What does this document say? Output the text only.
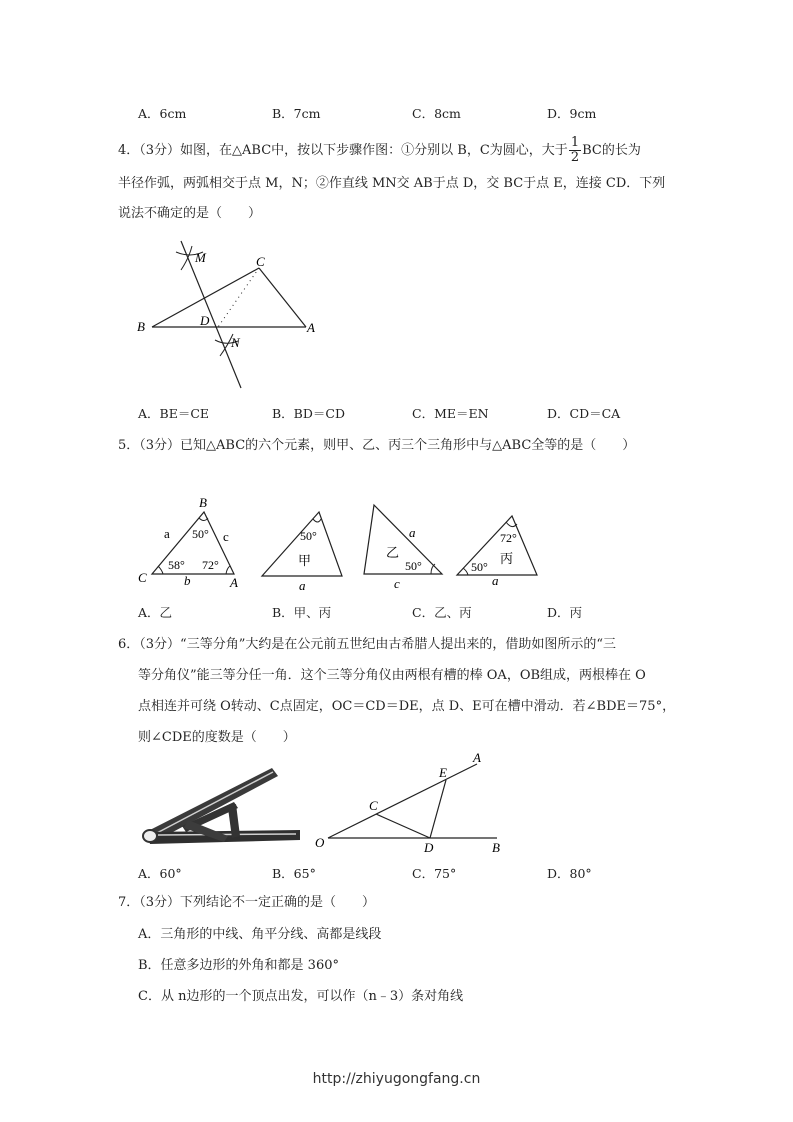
A．6cm	B．7cm	C．8cm	D．9cm
4．（3分）如图，在△ABC中，按以下步骤作图：①分别以 B，C为圆心，大于 $\frac{1}{2}$ BC的长为
半径作弧，两弧相交于点 M，N；②作直线 MN交 AB于点 D，交 BC于点 E，连接 CD．下列
说法不确定的是（　　）
M	C
B	D	A
N
A．BE＝CE	B．BD＝CD	C．ME＝EN	D．CD＝CA
5．（3分）已知△ABC的六个元素，则甲、乙、丙三个三角形中与△ABC全等的是（　　）
B
C	A
a	c
b
50°
58° 72°
50°
甲
a
乙
a
c
50°
72°
50°
丙
a
A．乙	B．甲、丙	C．乙、丙	D．丙
6．（3分）“三等分角”大约是在公元前五世纪由古希腊人提出来的，借助如图所示的“三
等分角仪”能三等分任一角．这个三等分角仪由两根有槽的棒 OA，OB组成，两根棒在 O
点相连并可绕 O转动、C点固定，OC＝CD＝DE，点 D、E可在槽中滑动．若∠BDE＝75°，
则∠CDE的度数是（　　）
A
E
C
O	D	B
A．60°	B．65°	C．75°	D．80°
7．（3分）下列结论不一定正确的是（　　）
A．三角形的中线、角平分线、高都是线段
B．任意多边形的外角和都是 360°
C．从 n边形的一个顶点出发，可以作（n﹣3）条对角线
http://zhiyugongfang.cn
